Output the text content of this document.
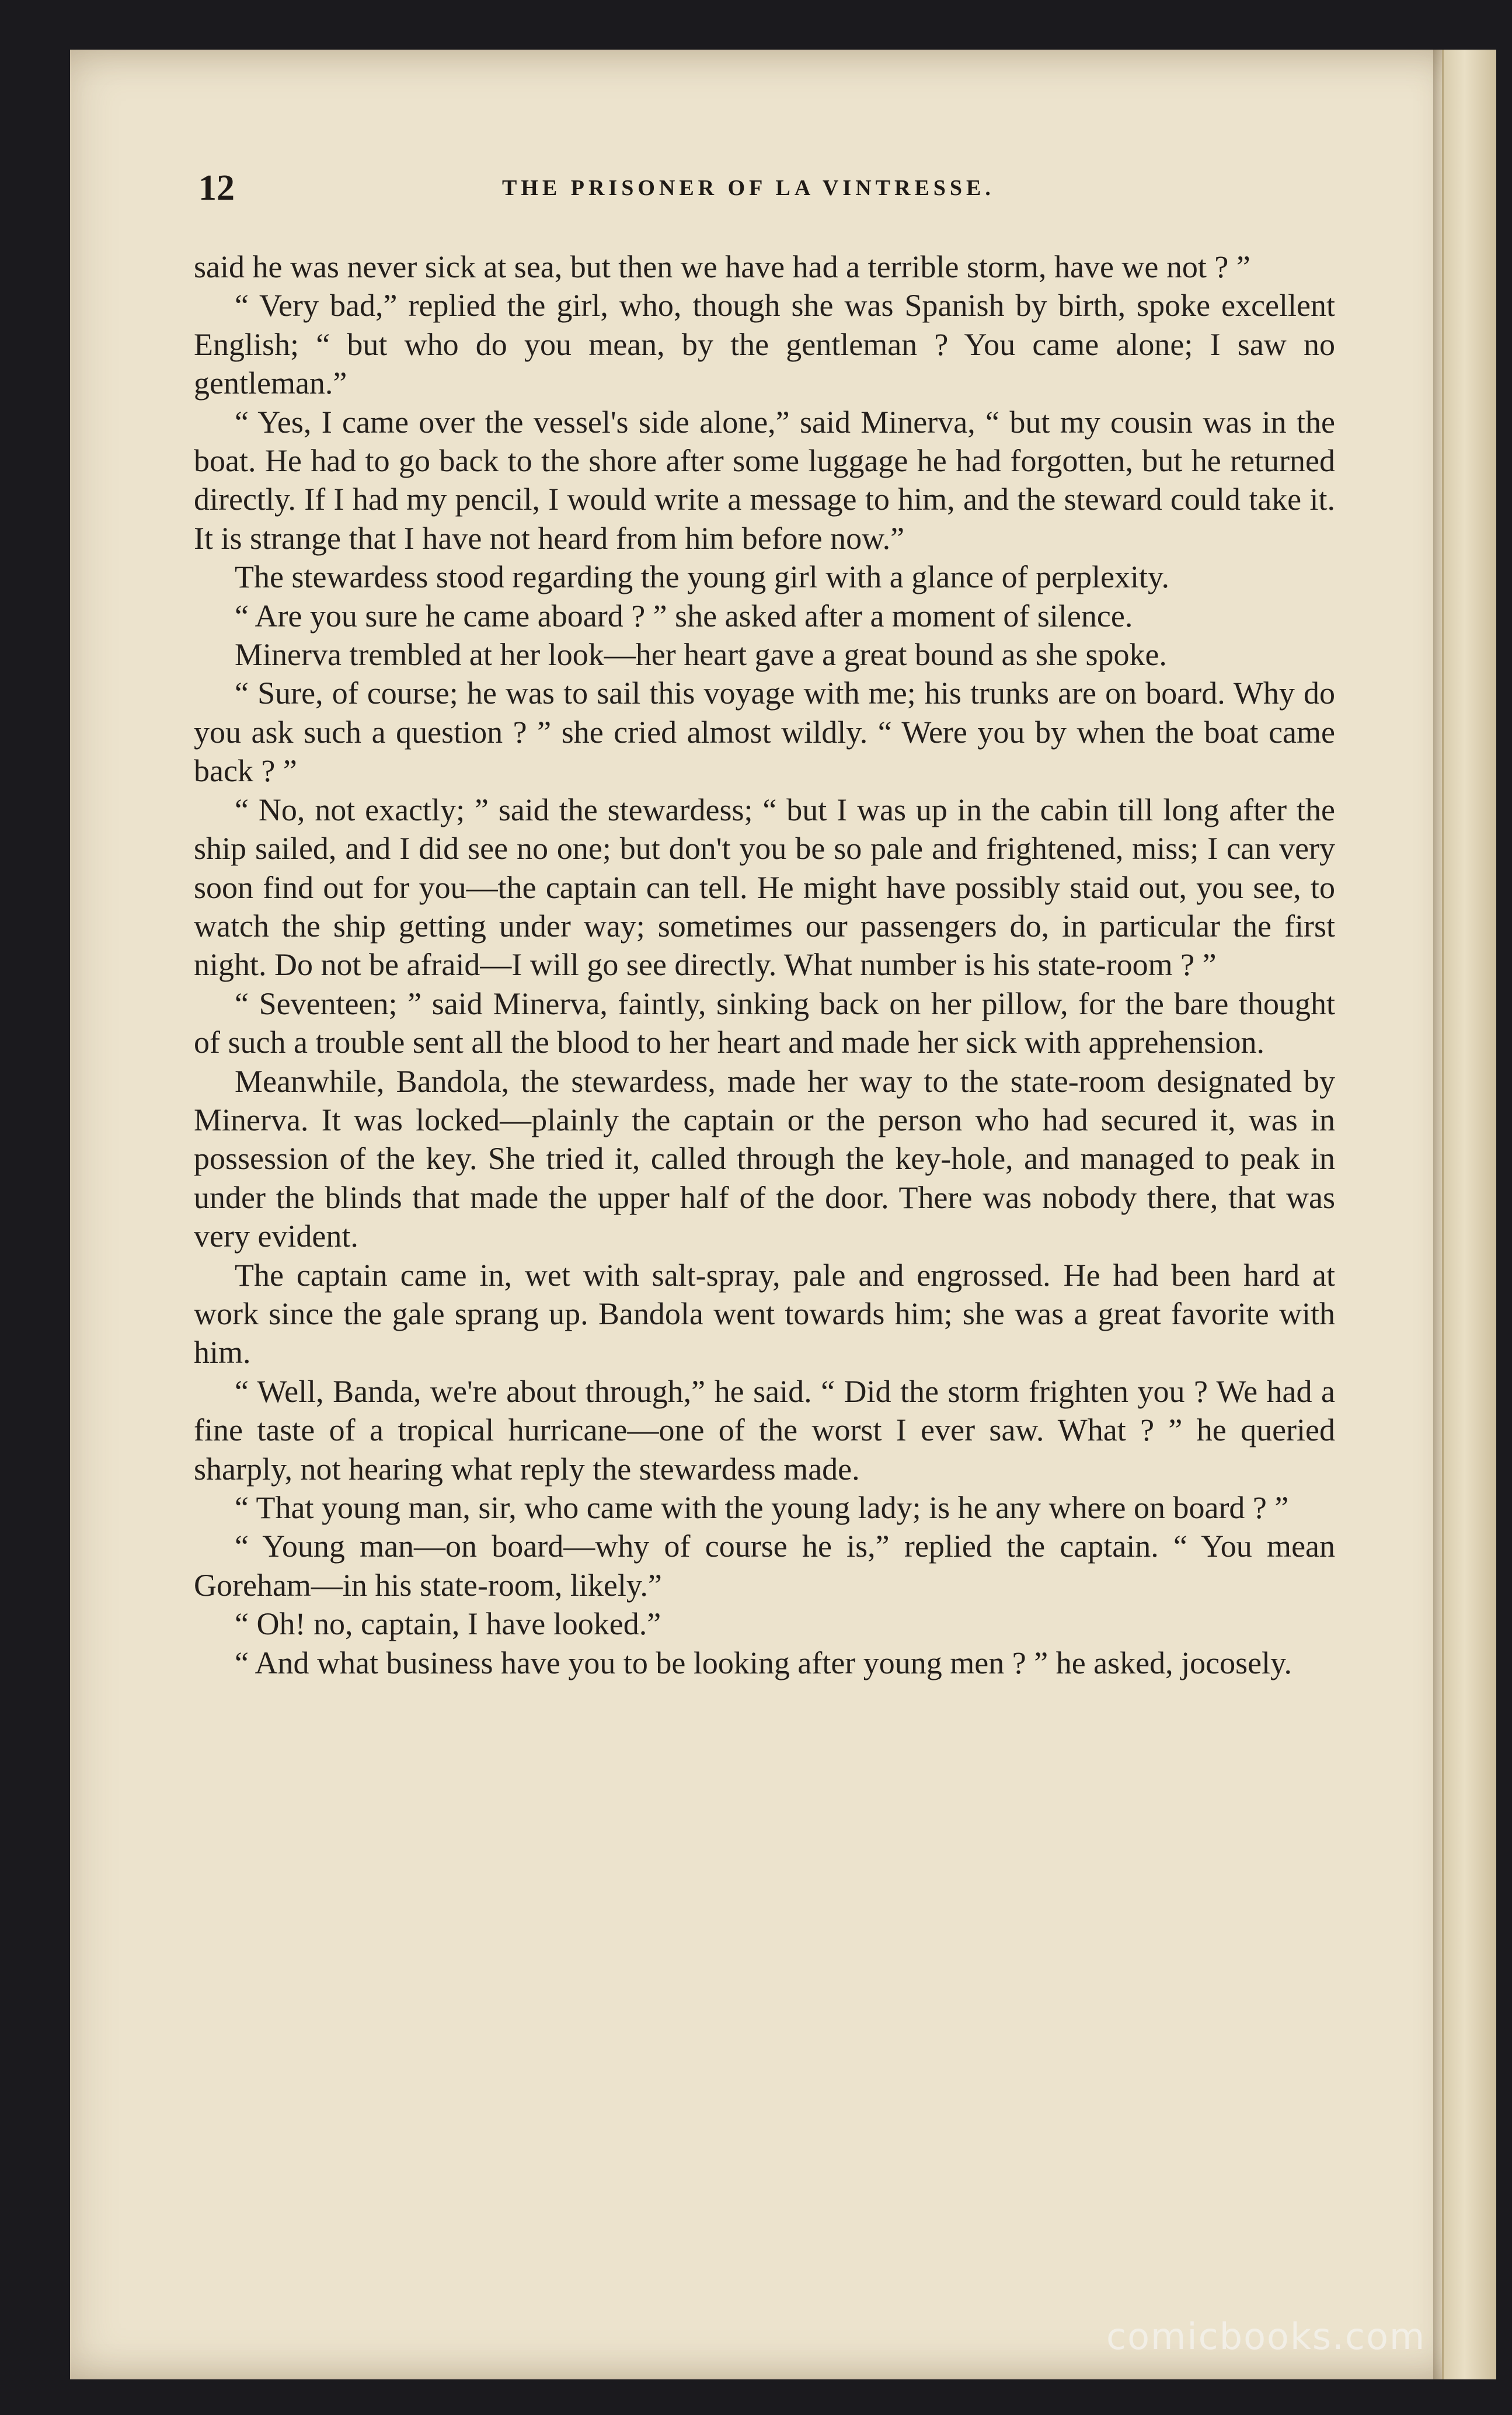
12	THE PRISONER OF LA VINTRESSE.

said he was never sick at sea, but then we have had a terrible storm, have we not ? ”

“ Very bad,” replied the girl, who, though she was Spanish by birth, spoke excellent English; “ but who do you mean, by the gentleman ? You came alone; I saw no gentleman.”

“ Yes, I came over the vessel's side alone,” said Minerva, “ but my cousin was in the boat. He had to go back to the shore after some luggage he had forgotten, but he returned directly. If I had my pencil, I would write a message to him, and the steward could take it. It is strange that I have not heard from him before now.”

The stewardess stood regarding the young girl with a glance of perplexity.

“ Are you sure he came aboard ? ” she asked after a moment of silence.

Minerva trembled at her look—her heart gave a great bound as she spoke.

“ Sure, of course; he was to sail this voyage with me; his trunks are on board. Why do you ask such a question ? ” she cried almost wildly. “ Were you by when the boat came back ? ”

“ No, not exactly; ” said the stewardess; “ but I was up in the cabin till long after the ship sailed, and I did see no one; but don't you be so pale and frightened, miss; I can very soon find out for you—the captain can tell. He might have possibly staid out, you see, to watch the ship getting under way; sometimes our passengers do, in particular the first night. Do not be afraid—I will go see directly. What number is his state-room ? ”

“ Seventeen; ” said Minerva, faintly, sinking back on her pillow, for the bare thought of such a trouble sent all the blood to her heart and made her sick with apprehension.

Meanwhile, Bandola, the stewardess, made her way to the state-room designated by Minerva. It was locked—plainly the captain or the person who had secured it, was in possession of the key. She tried it, called through the key-hole, and managed to peak in under the blinds that made the upper half of the door. There was nobody there, that was very evident.

The captain came in, wet with salt-spray, pale and engrossed. He had been hard at work since the gale sprang up. Bandola went towards him; she was a great favorite with him.

“ Well, Banda, we're about through,” he said. “ Did the storm frighten you ? We had a fine taste of a tropical hurricane—one of the worst I ever saw. What ? ” he queried sharply, not hearing what reply the stewardess made.

“ That young man, sir, who came with the young lady; is he any where on board ? ”

“ Young man—on board—why of course he is,” replied the captain. “ You mean Goreham—in his state-room, likely.”

“ Oh! no, captain, I have looked.”

“ And what business have you to be looking after young men ? ” he asked, jocosely.

comicbooks.com
